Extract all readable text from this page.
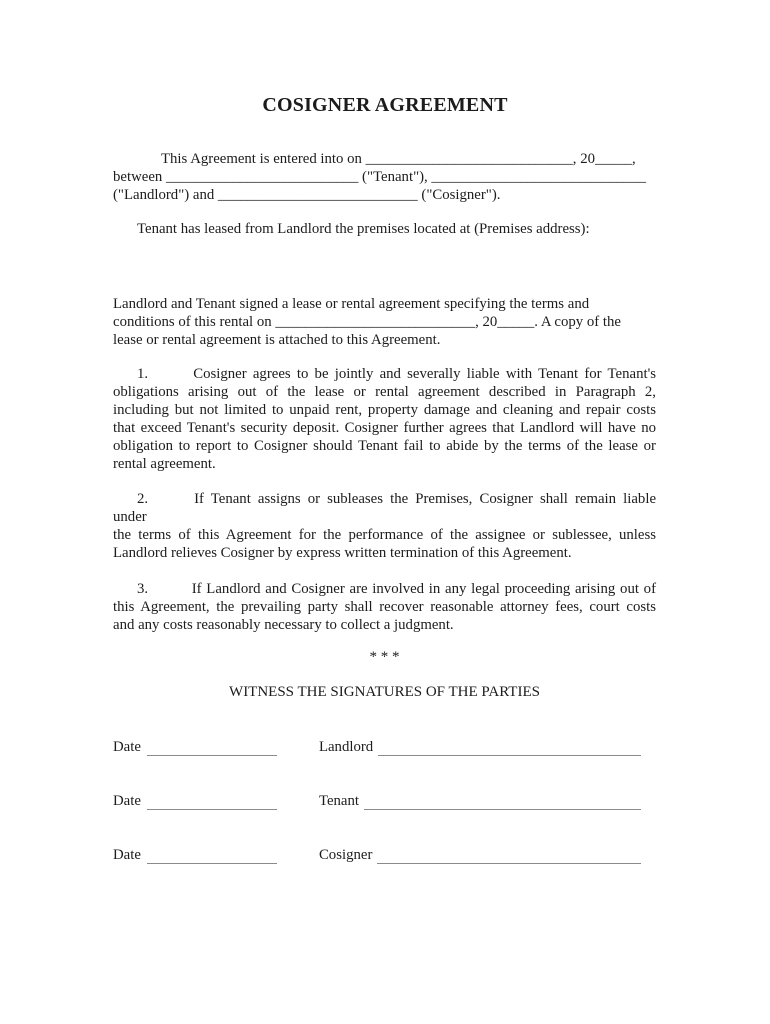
COSIGNER AGREEMENT
This Agreement is entered into on ____________________________, 20_____,
between __________________________ ("Tenant"), _____________________________
("Landlord") and ___________________________ ("Cosigner").
Tenant has leased from Landlord the premises located at (Premises address):
Landlord and Tenant signed a lease or rental agreement specifying the terms and
conditions of this rental on ___________________________, 20_____. A copy of the
lease or rental agreement is attached to this Agreement.
1.	Cosigner agrees to be jointly and severally liable with Tenant for Tenant's
obligations arising out of the lease or rental agreement described in Paragraph 2,
including but not limited to unpaid rent, property damage and cleaning and repair costs
that exceed Tenant's security deposit. Cosigner further agrees that Landlord will have no
obligation to report to Cosigner should Tenant fail to abide by the terms of the lease or
rental agreement.
2.	If Tenant assigns or subleases the Premises, Cosigner shall remain liable under
the terms of this Agreement for the performance of the assignee or sublessee, unless
Landlord relieves Cosigner by express written termination of this Agreement.
3.	If Landlord and Cosigner are involved in any legal proceeding arising out of
this Agreement, the prevailing party shall recover reasonable attorney fees, court costs
and any costs reasonably necessary to collect a judgment.
* * *
WITNESS THE SIGNATURES OF THE PARTIES
Date	Landlord
Date	Tenant
Date	Cosigner
